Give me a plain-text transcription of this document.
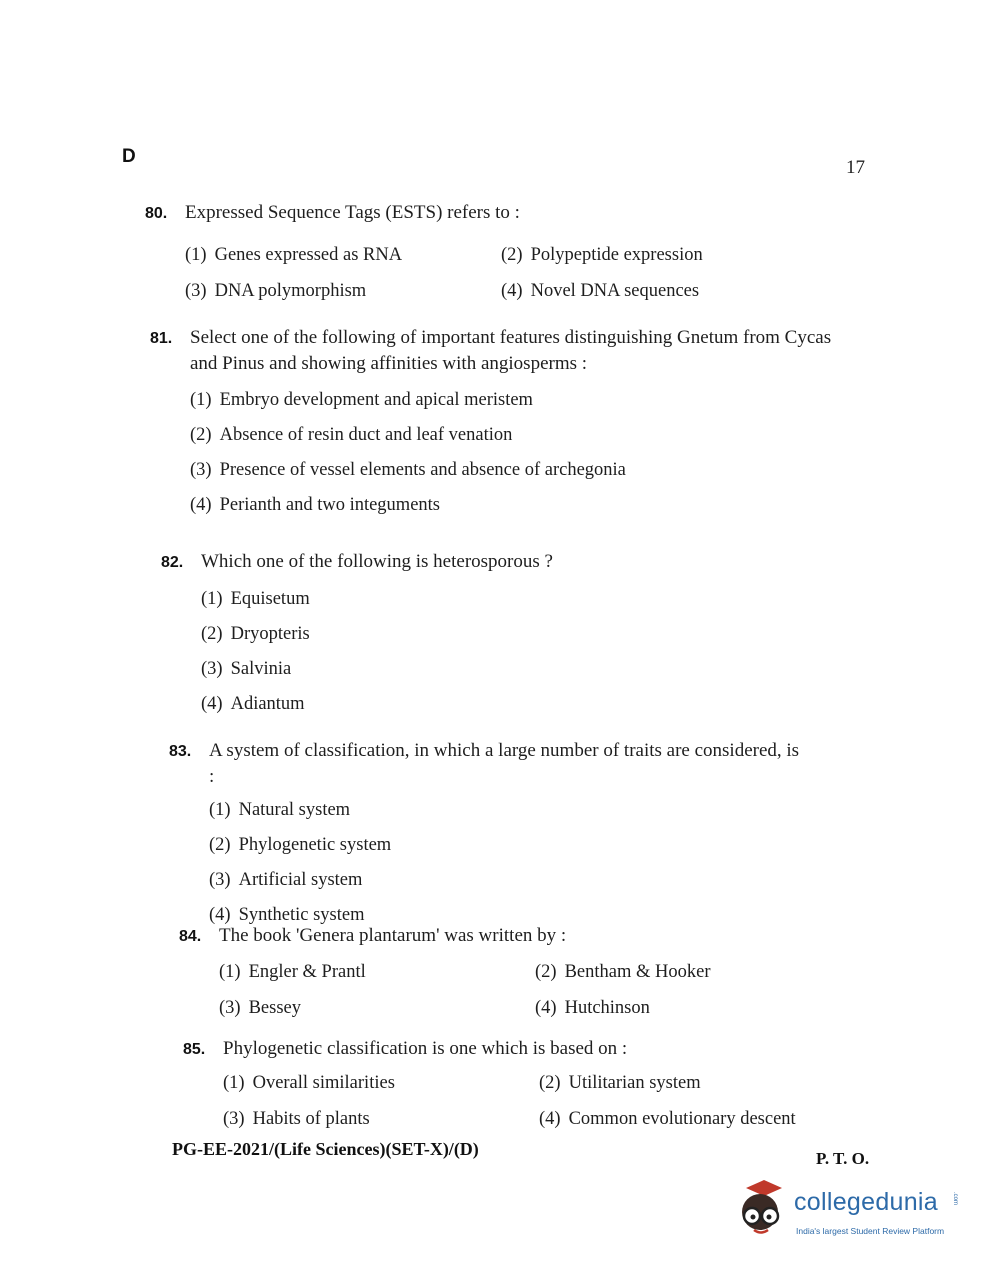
D
17
80. Expressed Sequence Tags (ESTS) refers to :
(1) Genes expressed as RNA	(2) Polypeptide expression
(3) DNA polymorphism	(4) Novel DNA sequences
81. Select one of the following of important features distinguishing Gnetum from Cycas and Pinus and showing affinities with angiosperms :
(1) Embryo development and apical meristem
(2) Absence of resin duct and leaf venation
(3) Presence of vessel elements and absence of archegonia
(4) Perianth and two integuments
82. Which one of the following is heterosporous ?
(1) Equisetum
(2) Dryopteris
(3) Salvinia
(4) Adiantum
83. A system of classification, in which a large number of traits are considered, is :
(1) Natural system
(2) Phylogenetic system
(3) Artificial system
(4) Synthetic system
84. The book 'Genera plantarum' was written by :
(1) Engler & Prantl	(2) Bentham & Hooker
(3) Bessey	(4) Hutchinson
85. Phylogenetic classification is one which is based on :
(1) Overall similarities	(2) Utilitarian system
(3) Habits of plants	(4) Common evolutionary descent
PG-EE-2021/(Life Sciences)(SET-X)/(D)	P. T. O.
collegedunia .com
India's largest Student Review Platform
